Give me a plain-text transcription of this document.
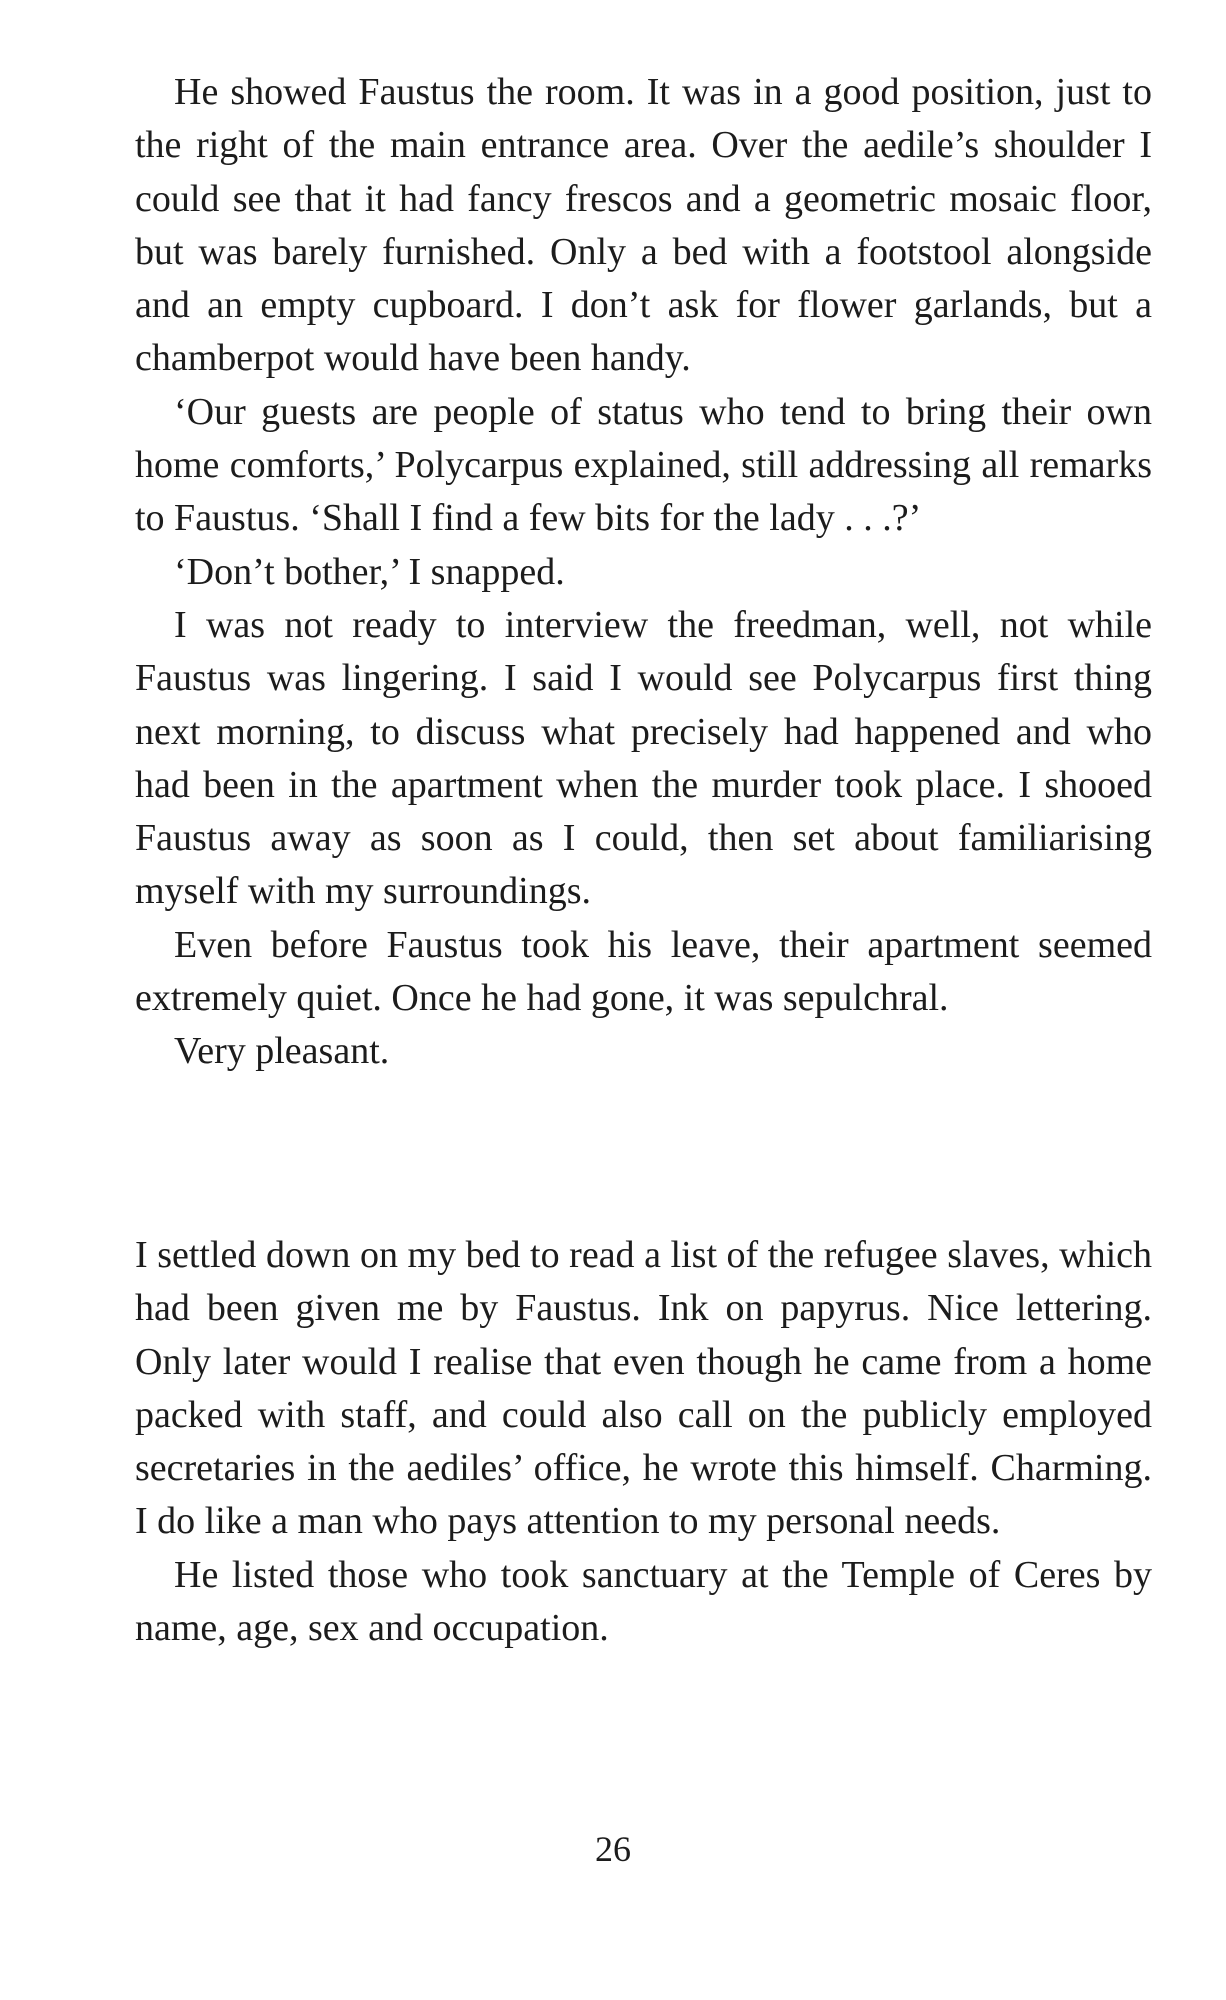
He showed Faustus the room. It was in a good position, just to the right of the main entrance area. Over the aedile’s shoulder I could see that it had fancy frescos and a geometric mosaic floor, but was barely furnished. Only a bed with a footstool alongside and an empty cupboard. I don’t ask for flower garlands, but a chamberpot would have been handy.

‘Our guests are people of status who tend to bring their own home comforts,’ Polycarpus explained, still addressing all remarks to Faustus. ‘Shall I find a few bits for the lady . . .?’

‘Don’t bother,’ I snapped.

I was not ready to interview the freedman, well, not while Faustus was lingering. I said I would see Polycarpus first thing next morning, to discuss what precisely had happened and who had been in the apartment when the murder took place. I shooed Faustus away as soon as I could, then set about familiarising myself with my surroundings.

Even before Faustus took his leave, their apartment seemed extremely quiet. Once he had gone, it was sepulchral.

Very pleasant.

I settled down on my bed to read a list of the refugee slaves, which had been given me by Faustus. Ink on papyrus. Nice lettering. Only later would I realise that even though he came from a home packed with staff, and could also call on the publicly employed secretaries in the aediles’ office, he wrote this himself. Charming. I do like a man who pays attention to my personal needs.

He listed those who took sanctuary at the Temple of Ceres by name, age, sex and occupation.

26
